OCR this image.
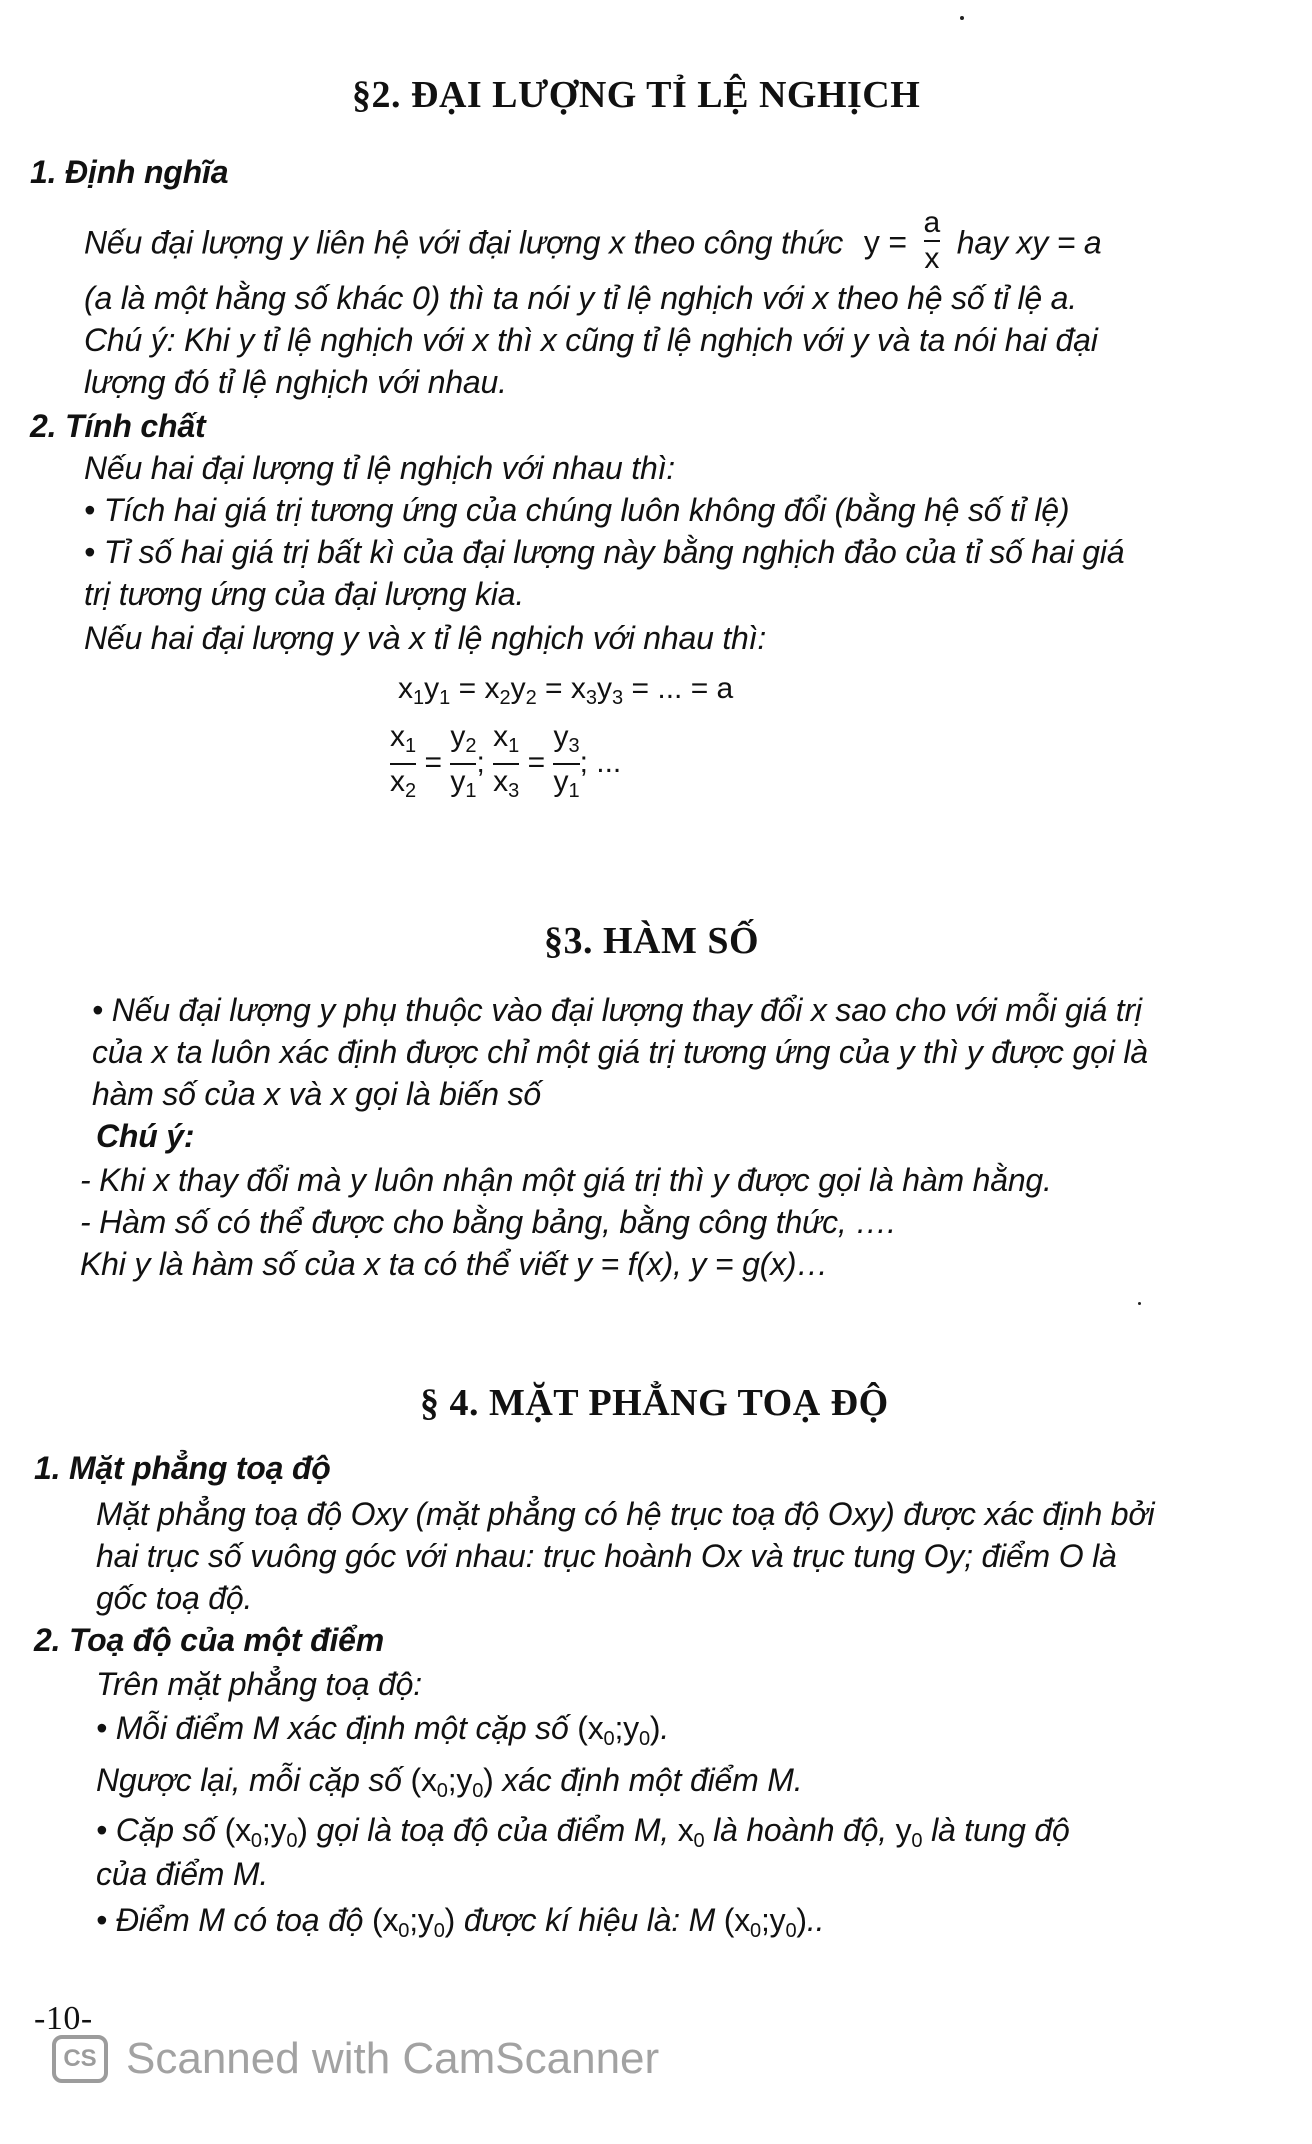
§2. ĐẠI LƯỢNG TỈ LỆ NGHỊCH
1. Định nghĩa
Nếu đại lượng y liên hệ với đại lượng x theo công thức $y = \frac{a}{x}$ hay xy = a
(a là một hằng số khác 0) thì ta nói y tỉ lệ nghịch với x theo hệ số tỉ lệ a.
Chú ý: Khi y tỉ lệ nghịch với x thì x cũng tỉ lệ nghịch với y và ta nói hai đại
lượng đó tỉ lệ nghịch với nhau.
2. Tính chất
Nếu hai đại lượng tỉ lệ nghịch với nhau thì:
• Tích hai giá trị tương ứng của chúng luôn không đổi (bằng hệ số tỉ lệ)
• Tỉ số hai giá trị bất kì của đại lượng này bằng nghịch đảo của tỉ số hai giá
trị tương ứng của đại lượng kia.
Nếu hai đại lượng y và x tỉ lệ nghịch với nhau thì:
$x_1y_1 = x_2y_2 = x_3y_3$ = ... = a
$\frac{x_1}{x_2} = \frac{y_2}{y_1}$ ; $\frac{x_1}{x_3} = \frac{y_3}{y_1}$ ; ...
§3. HÀM SỐ
• Nếu đại lượng y phụ thuộc vào đại lượng thay đổi x sao cho với mỗi giá trị
của x ta luôn xác định được chỉ một giá trị tương ứng của y thì y được gọi là
hàm số của x và x gọi là biến số
Chú ý:
- Khi x thay đổi mà y luôn nhận một giá trị thì y được gọi là hàm hằng.
- Hàm số có thể được cho bằng bảng, bằng công thức, ….
Khi y là hàm số của x ta có thể viết y = f(x), y = g(x)…
§ 4. MẶT PHẲNG TOẠ ĐỘ
1. Mặt phẳng toạ độ
Mặt phẳng toạ độ Oxy (mặt phẳng có hệ trục toạ độ Oxy) được xác định bởi
hai trục số vuông góc với nhau: trục hoành Ox và trục tung Oy; điểm O là
gốc toạ độ.
2. Toạ độ của một điểm
Trên mặt phẳng toạ độ:
• Mỗi điểm M xác định một cặp số $(x_0;y_0)$.
Ngược lại, mỗi cặp số $(x_0;y_0)$ xác định một điểm M.
• Cặp số $(x_0;y_0)$ gọi là toạ độ của điểm M, $x_0$ là hoành độ, $y_0$ là tung độ
của điểm M.
• Điểm M có toạ độ $(x_0;y_0)$ được kí hiệu là: M $(x_0;y_0)$..
-10-
CS Scanned with CamScanner
